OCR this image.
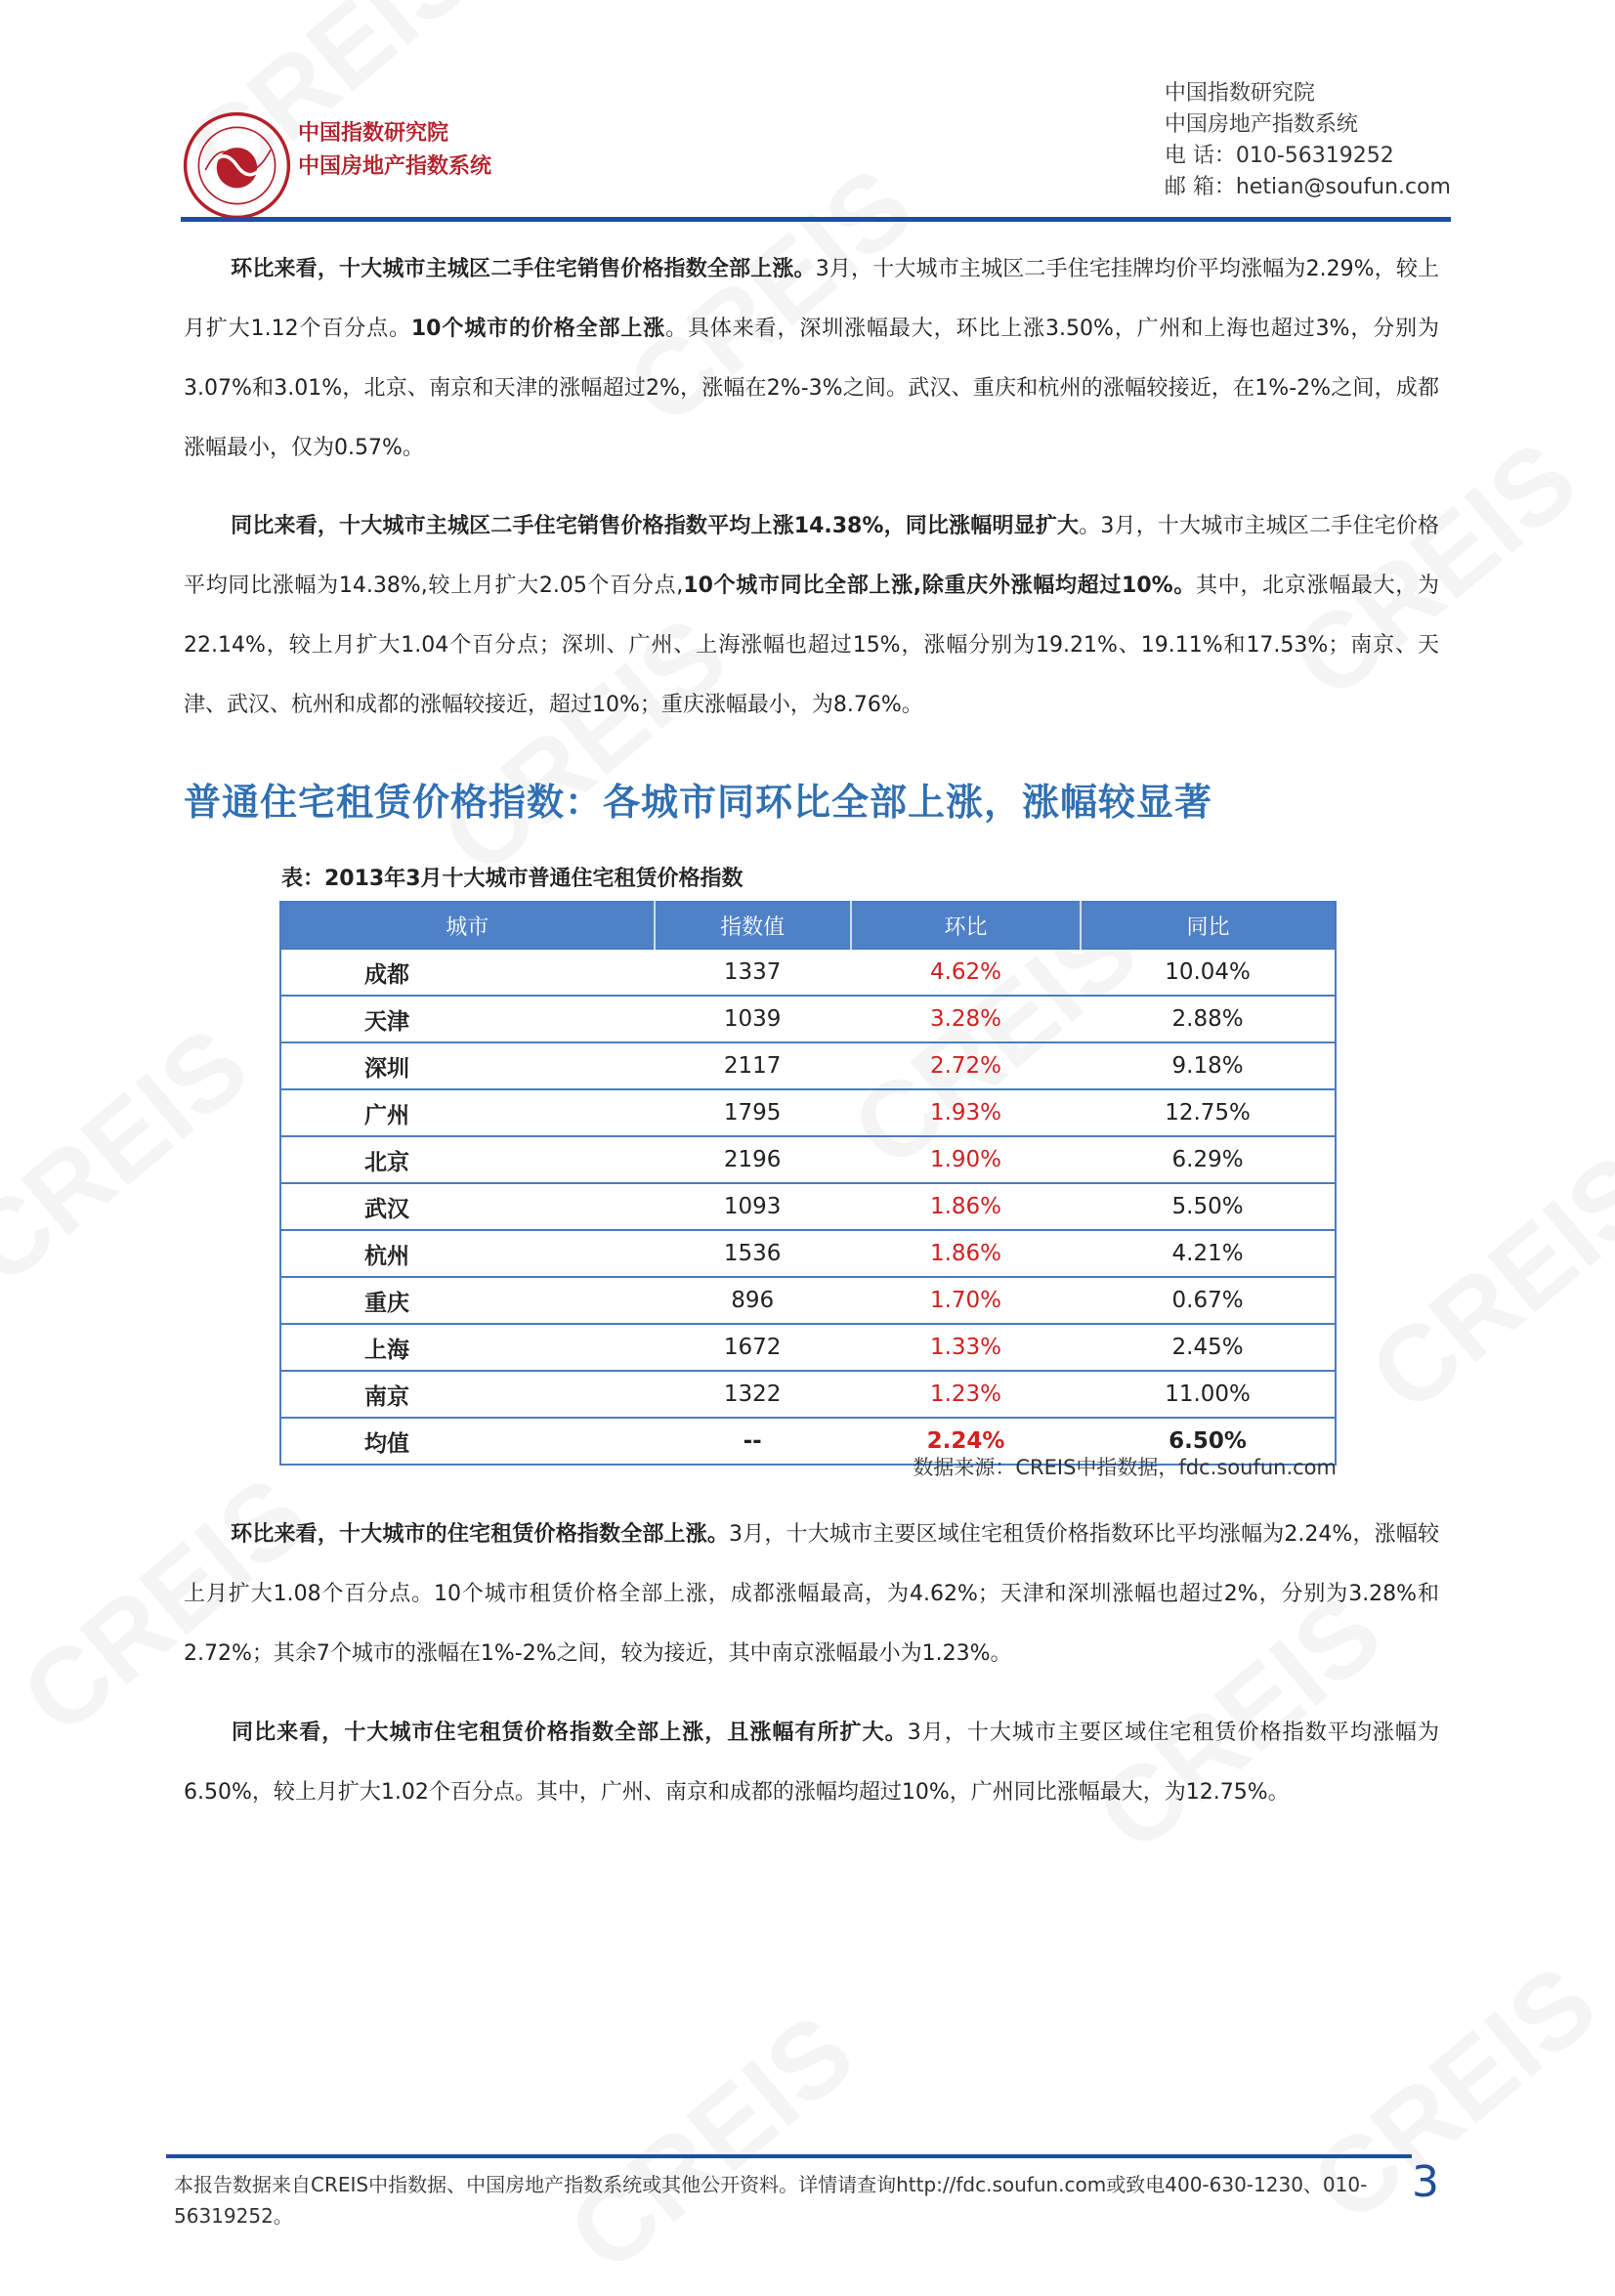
中国指数研究院
中国房地产指数系统
中国指数研究院
中国房地产指数系统
电 话：010-56319252
邮 箱：hetian@soufun.com
环比来看，十大城市主城区二手住宅销售价格指数全部上涨。3月，十大城市主城区二手住宅挂牌均价平均涨幅为2.29%，较上月扩大1.12个百分点。10个城市的价格全部上涨。具体来看，深圳涨幅最大，环比上涨3.50%，广州和上海也超过3%，分别为3.07%和3.01%，北京、南京和天津的涨幅超过2%，涨幅在2%-3%之间。武汉、重庆和杭州的涨幅较接近，在1%-2%之间，成都涨幅最小，仅为0.57%。
同比来看，十大城市主城区二手住宅销售价格指数平均上涨14.38%，同比涨幅明显扩大。3月，十大城市主城区二手住宅价格平均同比涨幅为14.38%,较上月扩大2.05个百分点,10个城市同比全部上涨,除重庆外涨幅均超过10%。其中，北京涨幅最大，为22.14%，较上月扩大1.04个百分点；深圳、广州、上海涨幅也超过15%，涨幅分别为19.21%、19.11%和17.53%；南京、天津、武汉、杭州和成都的涨幅较接近，超过10%；重庆涨幅最小，为8.76%。
普通住宅租赁价格指数：各城市同环比全部上涨，涨幅较显著
表：2013年3月十大城市普通住宅租赁价格指数
城市	指数值	环比	同比
成都	1337	4.62%	10.04%
天津	1039	3.28%	2.88%
深圳	2117	2.72%	9.18%
广州	1795	1.93%	12.75%
北京	2196	1.90%	6.29%
武汉	1093	1.86%	5.50%
杭州	1536	1.86%	4.21%
重庆	896	1.70%	0.67%
上海	1672	1.33%	2.45%
南京	1322	1.23%	11.00%
均值	--	2.24%	6.50%
数据来源：CREIS中指数据，fdc.soufun.com
环比来看，十大城市的住宅租赁价格指数全部上涨。3月，十大城市主要区域住宅租赁价格指数环比平均涨幅为2.24%，涨幅较上月扩大1.08个百分点。10个城市租赁价格全部上涨，成都涨幅最高，为4.62%；天津和深圳涨幅也超过2%，分别为3.28%和2.72%；其余7个城市的涨幅在1%-2%之间，较为接近，其中南京涨幅最小为1.23%。
同比来看，十大城市住宅租赁价格指数全部上涨，且涨幅有所扩大。3月，十大城市主要区域住宅租赁价格指数平均涨幅为6.50%，较上月扩大1.02个百分点。其中，广州、南京和成都的涨幅均超过10%，广州同比涨幅最大，为12.75%。
本报告数据来自CREIS中指数据、中国房地产指数系统或其他公开资料。详情请查询http://fdc.soufun.com或致电400-630-1230、010-56319252。
3
